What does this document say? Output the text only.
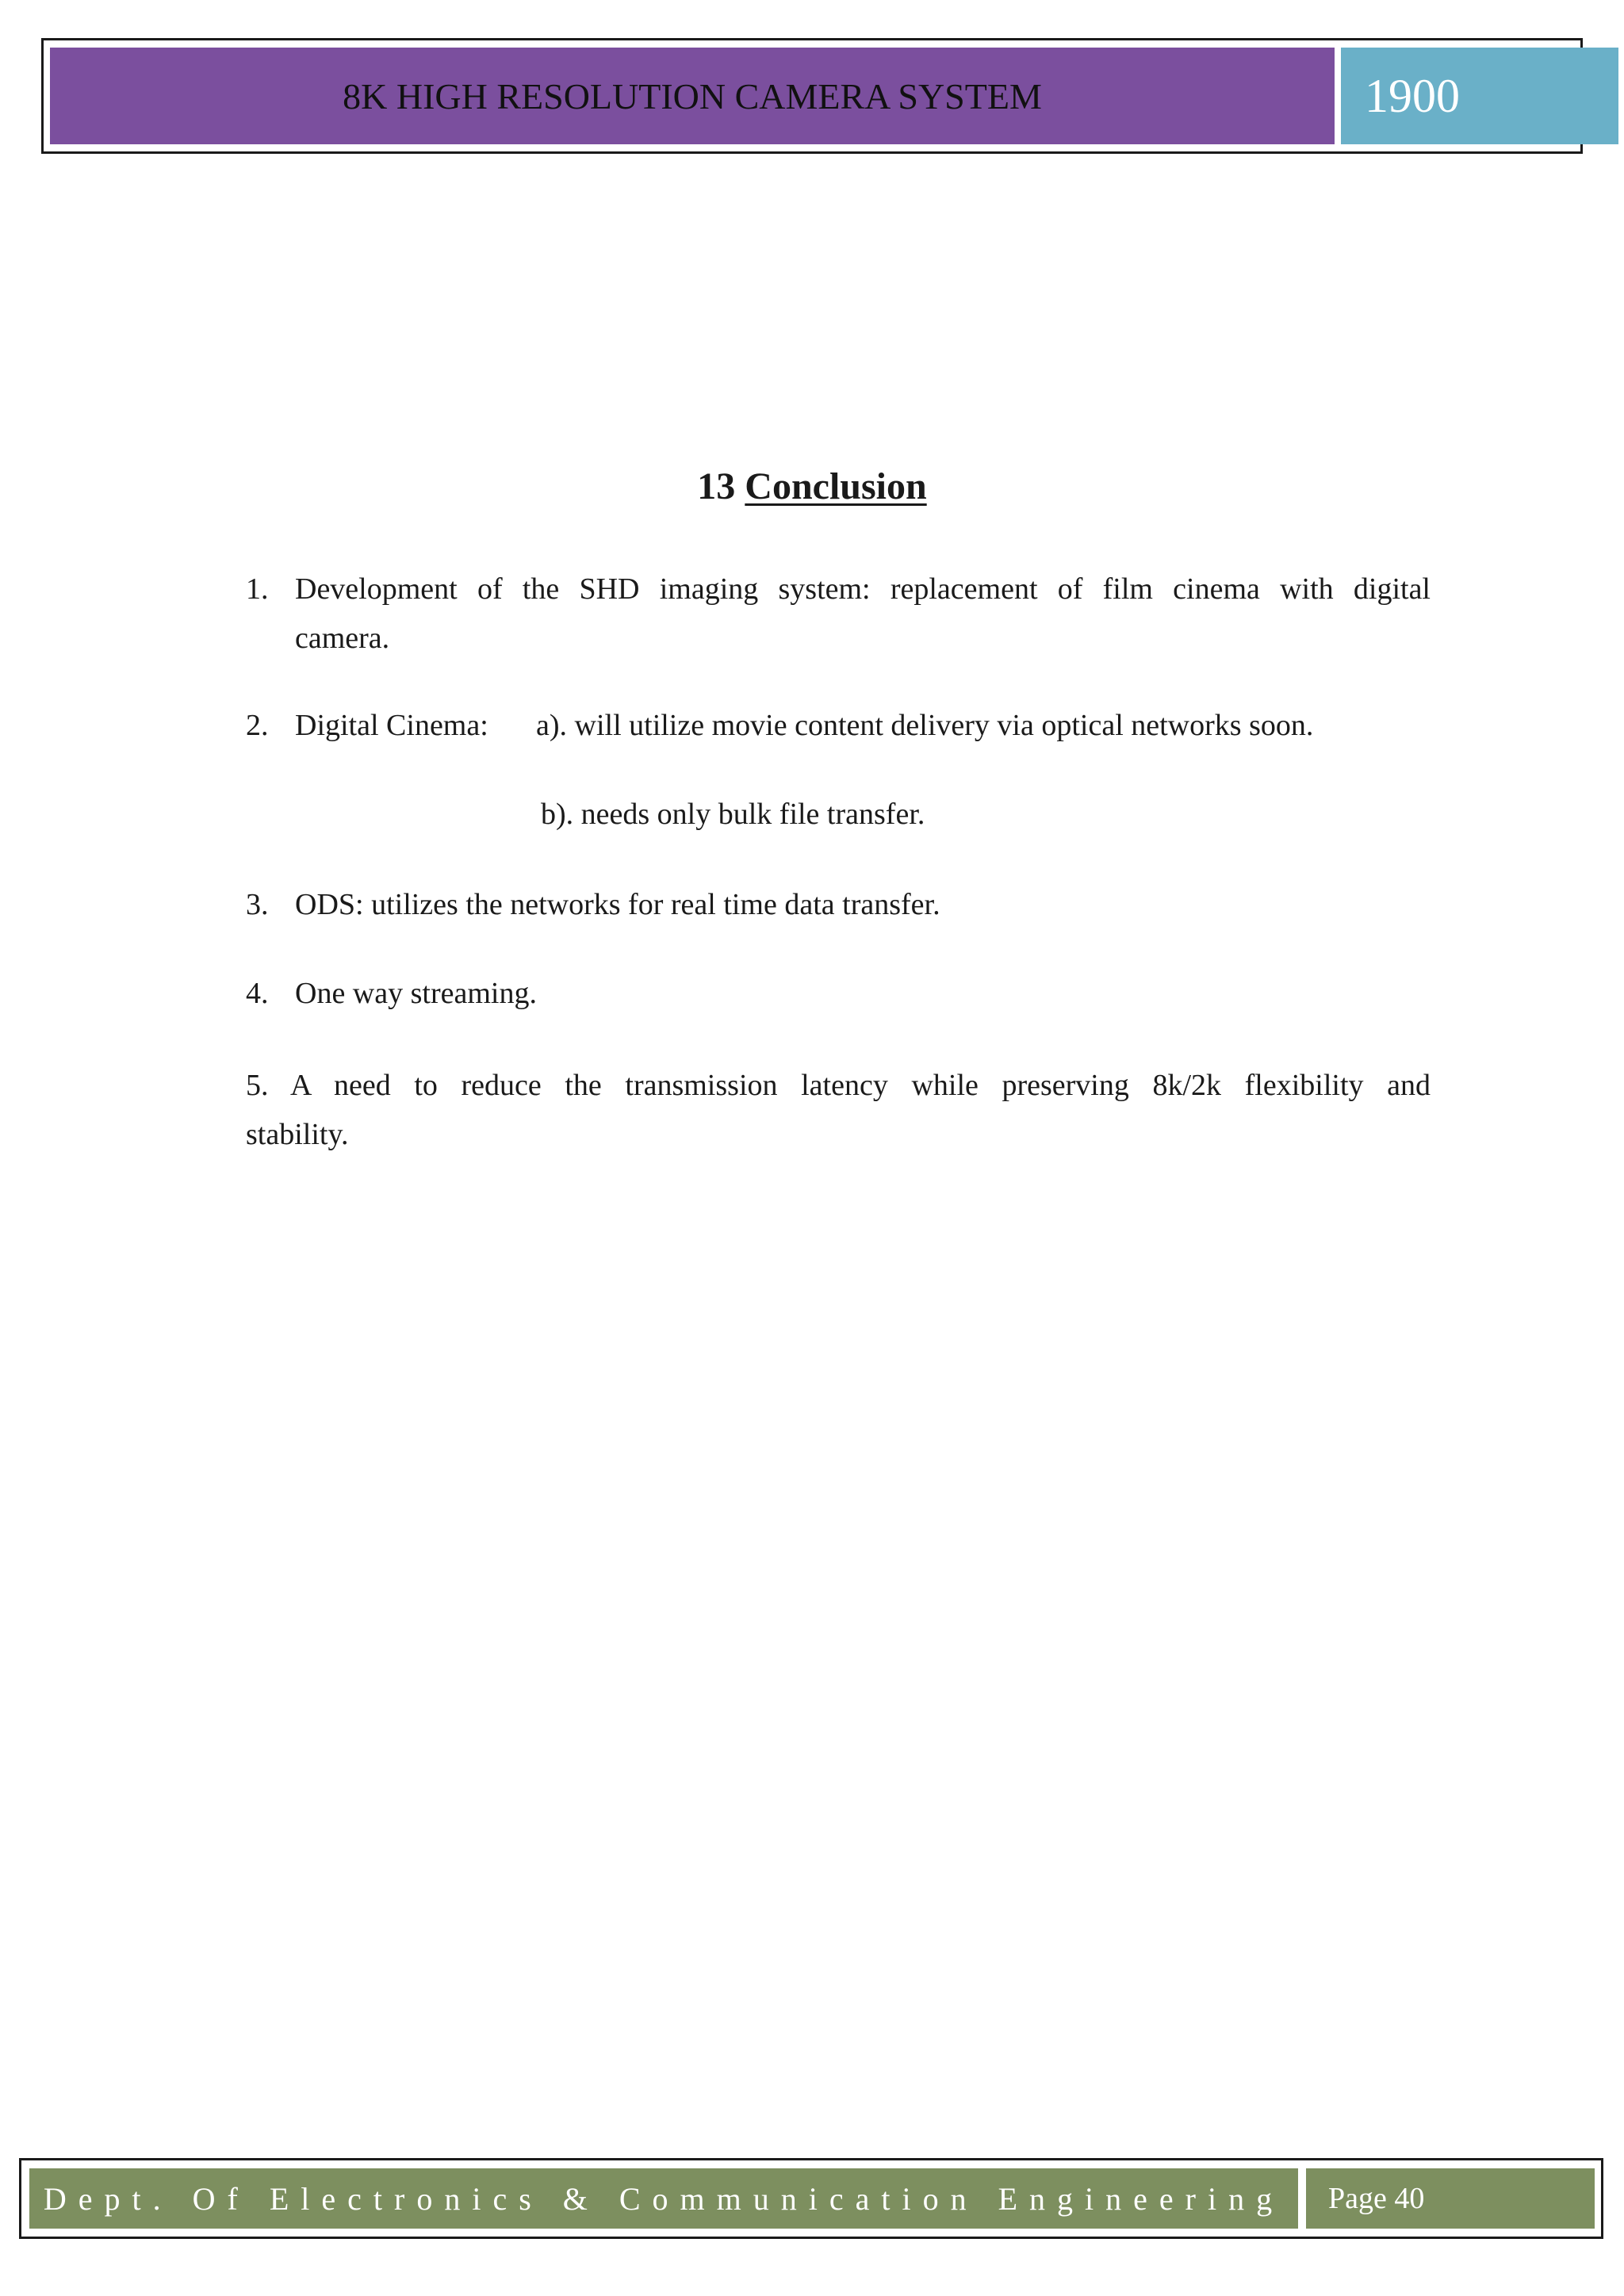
8K HIGH RESOLUTION CAMERA SYSTEM	1900
13 Conclusion
1. Development of the SHD imaging system: replacement of film cinema with digital
camera.
2. Digital Cinema: a). will utilize movie content delivery via optical networks soon.
b). needs only bulk file transfer.
3. ODS: utilizes the networks for real time data transfer.
4. One way streaming.
5. A need to reduce the transmission latency while preserving 8k/2k flexibility and
stability.
Dept. Of Electronics & Communication Engineering Page 40
